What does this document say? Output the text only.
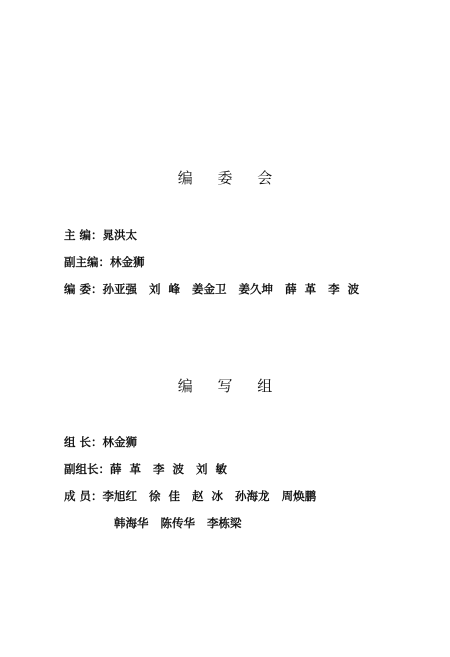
编 委 会
主 编：晁洪太
副主编：林金狮
编 委：孙亚强   刘  峰   姜金卫   姜久坤   薛  革   李  波
编 写 组
组 长：林金狮
副组长：薛  革   李  波   刘  敏
成 员：李旭红   徐  佳   赵  冰   孙海龙   周焕鹏
韩海华   陈传华   李栋梁
